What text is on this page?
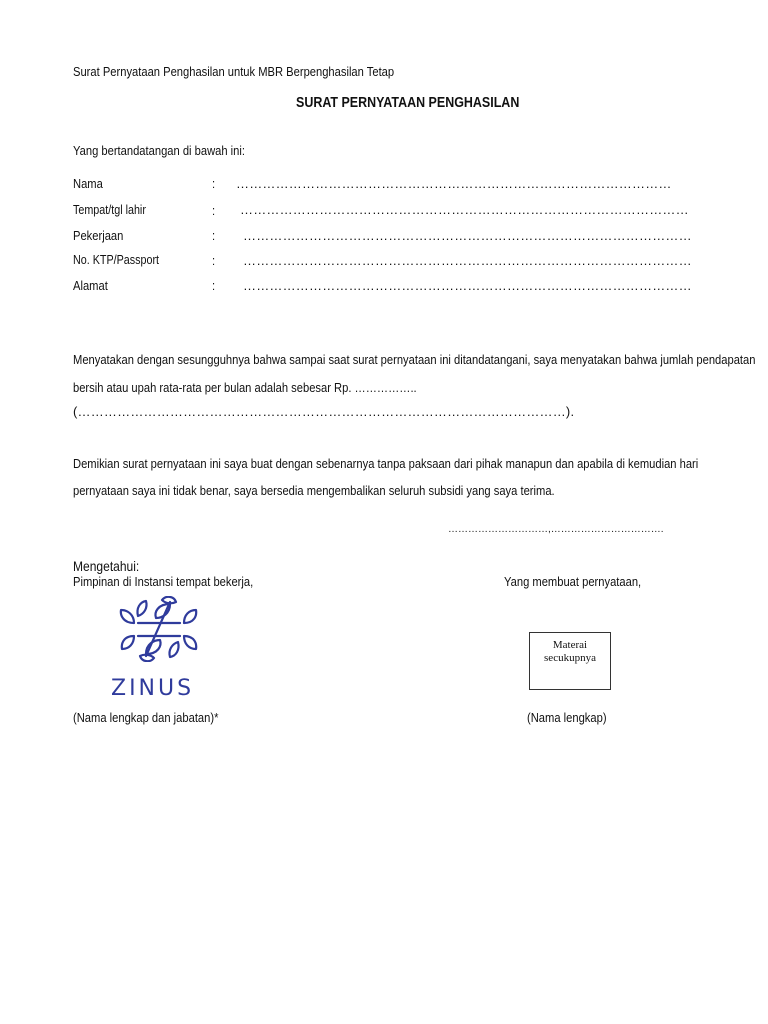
Surat Pernyataan Penghasilan untuk MBR Berpenghasilan Tetap
SURAT PERNYATAAN PENGHASILAN
Yang bertandatangan di bawah ini:
Nama	: ………………………………………………………………………………………
Tempat/tgl lahir	: …………………………………………………………………………………………
Pekerjaan	: …………………………………………………………………………………………
No. KTP/Passport	: …………………………………………………………………………………………
Alamat	: …………………………………………………………………………………………
Menyatakan dengan sesungguhnya bahwa sampai saat surat pernyataan ini ditandatangani, saya menyatakan bahwa jumlah pendapatan
bersih atau upah rata-rata per bulan adalah sebesar Rp. ……………..
(…………………………………………………………………………………………………).
Demikian surat pernyataan ini saya buat dengan sebenarnya tanpa paksaan dari pihak manapun dan apabila di kemudian hari
pernyataan saya ini tidak benar, saya bersedia mengembalikan seluruh subsidi yang saya terima.
…………………………,…………………………….
Mengetahui:
Pimpinan di Instansi tempat bekerja,
ZINUS
(Nama lengkap dan jabatan)*
Yang membuat pernyataan,
Materai
secukupnya
(Nama lengkap)
